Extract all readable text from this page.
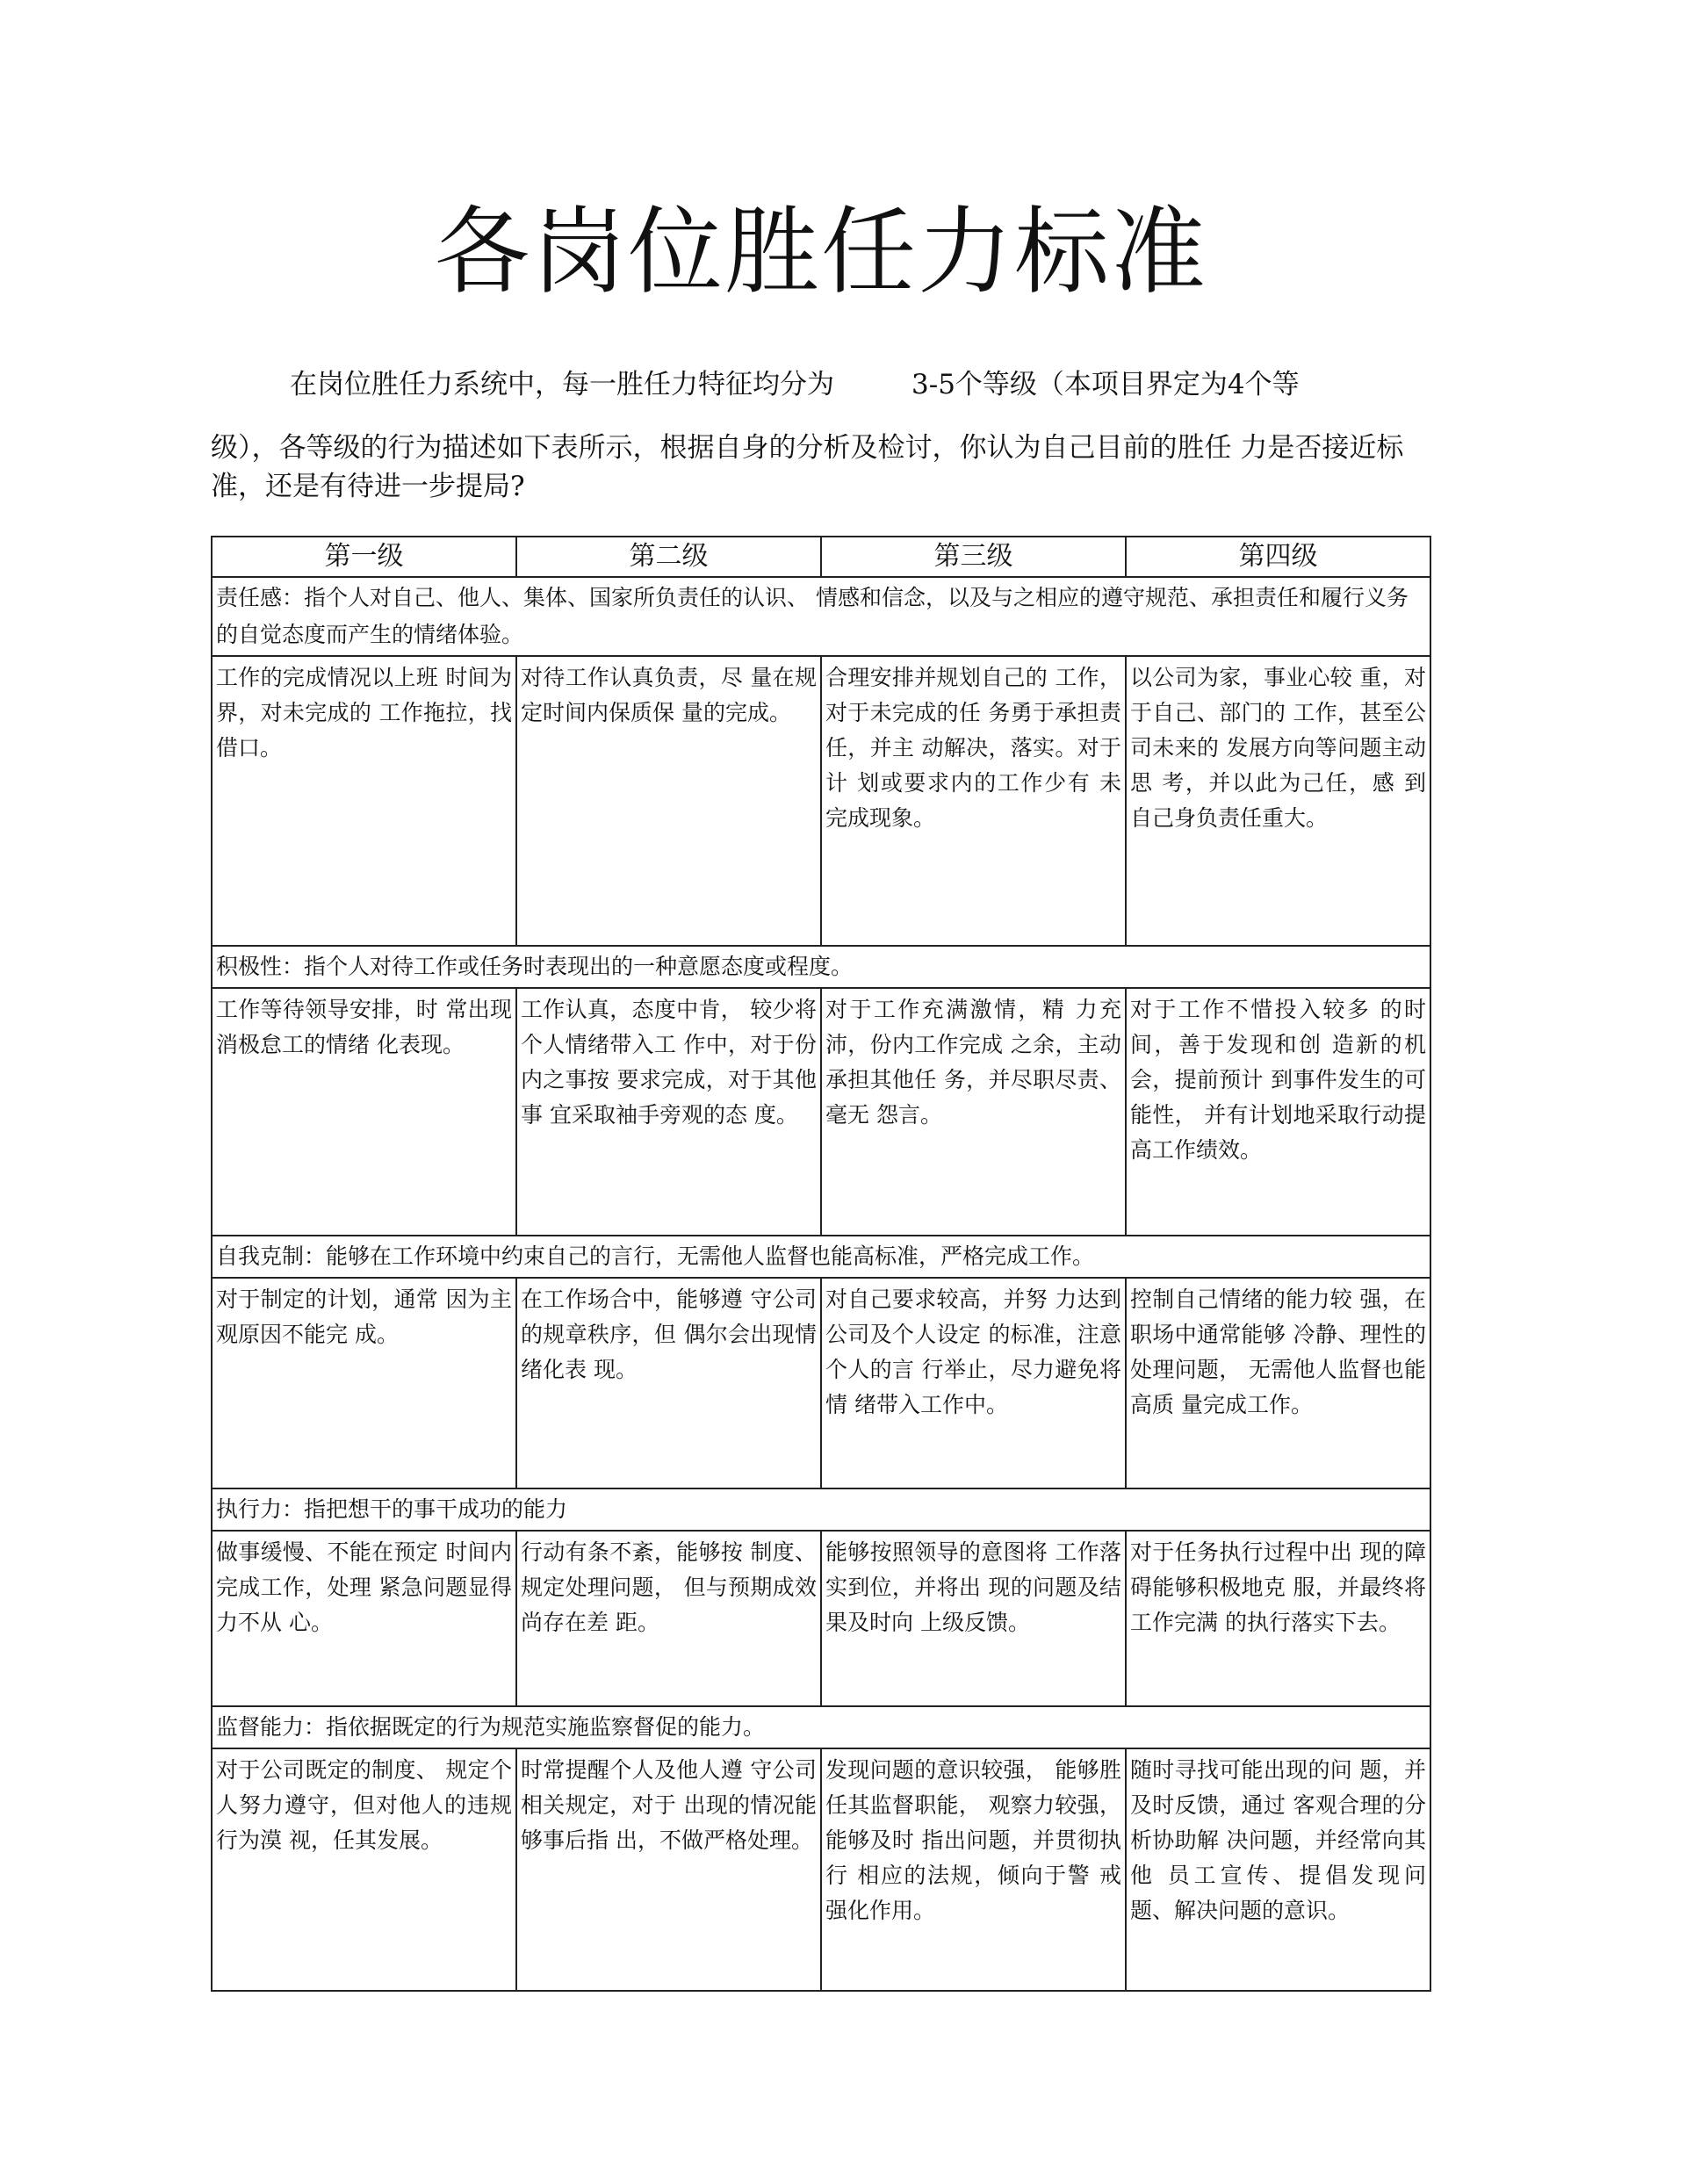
各岗位胜任力标准
在岗位胜任力系统中，每一胜任力特征均分为	3-5个等级（本项目界定为4个等
级），各等级的行为描述如下表所示，根据自身的分析及检讨，你认为自己目前的胜任 力是否接近标准，还是有待进一步提局?
第一级	第二级	第三级	第四级
责任感：指个人对自己、他人、集体、国家所负责任的认识、 情感和信念，以及与之相应的遵守规范、承担责任和履行义务的自觉态度而产生的情绪体验。			
工作的完成情况以上班 时间为界，对未完成的 工作拖拉，找借口。	对待工作认真负责，尽 量在规定时间内保质保 量的完成。	合理安排并规划自己的 工作，对于未完成的任 务勇于承担责任，并主 动解决，落实。对于计 划或要求内的工作少有 未完成现象。	以公司为家，事业心较 重，对于自己、部门的 工作，甚至公司未来的 发展方向等问题主动思 考，并以此为己任，感 到自己身负责任重大。
积极性：指个人对待工作或任务时表现出的一种意愿态度或程度。			
工作等待领导安排，时 常出现消极怠工的情绪 化表现。	工作认真，态度中肯， 较少将个人情绪带入工 作中，对于份内之事按 要求完成，对于其他事 宜采取袖手旁观的态 度。	对于工作充满激情，精 力充沛，份内工作完成 之余，主动承担其他任 务，并尽职尽责、毫无 怨言。	对于工作不惜投入较多 的时间，善于发现和创 造新的机会，提前预计 到事件发生的可能性， 并有计划地采取行动提 高工作绩效。
自我克制：能够在工作环境中约束自己的言行，无需他人监督也能高标准，严格完成工作。			
对于制定的计划，通常 因为主观原因不能完 成。	在工作场合中，能够遵 守公司的规章秩序，但 偶尔会出现情绪化表 现。	对自己要求较高，并努 力达到公司及个人设定 的标准，注意个人的言 行举止，尽力避免将情 绪带入工作中。	控制自己情绪的能力较 强，在职场中通常能够 冷静、理性的处理问题， 无需他人监督也能高质 量完成工作。
执行力：指把想干的事干成功的能力			
做事缓慢、不能在预定 时间内完成工作，处理 紧急问题显得力不从 心。	行动有条不紊，能够按 制度、规定处理问题， 但与预期成效尚存在差 距。	能够按照领导的意图将 工作落实到位，并将出 现的问题及结果及时向 上级反馈。	对于任务执行过程中出 现的障碍能够积极地克 服，并最终将工作完满 的执行落实下去。
监督能力：指依据既定的行为规范实施监察督促的能力。			
对于公司既定的制度、 规定个人努力遵守，但对他人的违规行为漠 视，任其发展。	时常提醒个人及他人遵 守公司相关规定，对于 出现的情况能够事后指 出，不做严格处理。	发现问题的意识较强， 能够胜任其监督职能， 观察力较强，能够及时 指出问题，并贯彻执行 相应的法规，倾向于警 戒强化作用。	随时寻找可能出现的问 题，并及时反馈，通过 客观合理的分析协助解 决问题，并经常向其他 员工宣传、提倡发现问 题、解决问题的意识。
